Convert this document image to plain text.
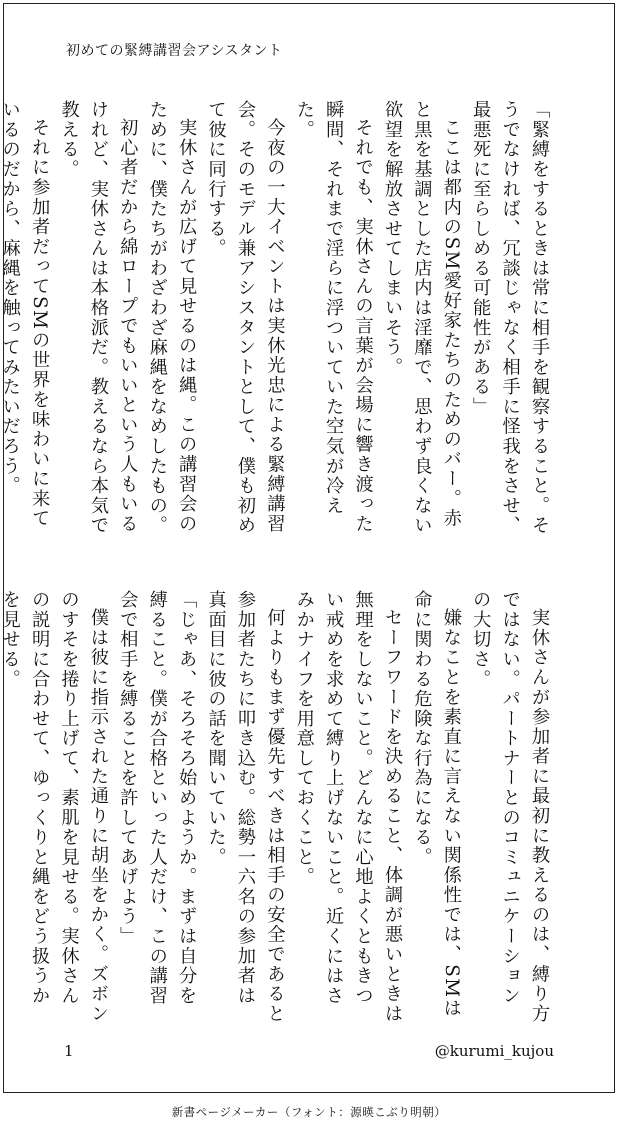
初めての緊縛講習会アシスタント

「緊縛をするときは常に相手を観察すること。そうでなければ、冗談じゃなく相手に怪我をさせ、最悪死に至らしめる可能性がある」

ここは都内のSM愛好家たちのためのバー。赤と黒を基調とした店内は淫靡で、思わず良くない欲望を解放させてしまいそう。

それでも、実休さんの言葉が会場に響き渡った瞬間、それまで淫らに浮ついていた空気が冷えた。

今夜の一大イベントは実休光忠による緊縛講習会。そのモデル兼アシスタントとして、僕も初めて彼に同行する。

実休さんが広げて見せるのは縄。この講習会のために、僕たちがわざわざ麻縄をなめしたもの。

初心者だから綿ロープでもいいという人もいるけれど、実休さんは本格派だ。教えるなら本気で教える。

それに参加者だってSMの世界を味わいに来ているのだから、麻縄を触ってみたいだろう。

実休さんが参加者に最初に教えるのは、縛り方ではない。パートナーとのコミュニケーションの大切さ。

嫌なことを素直に言えない関係性では、SMは命に関わる危険な行為になる。

セーフワードを決めること、体調が悪いときは無理をしないこと。どんなに心地よくともきつい戒めを求めて縛り上げないこと。近くにはさみかナイフを用意しておくこと。

何よりもまず優先すべきは相手の安全であると参加者たちに叩き込む。総勢一六名の参加者は真面目に彼の話を聞いていた。

「じゃあ、そろそろ始めようか。まずは自分を縛ること。僕が合格といった人だけ、この講習会で相手を縛ることを許してあげよう」

僕は彼に指示された通りに胡坐をかく。ズボンのすそを捲り上げて、素肌を見せる。実休さんの説明に合わせて、ゆっくりと縄をどう扱うかを見せる。

1	@kurumi_kujou
新書ページメーカー（フォント：源暎こぶり明朝）
